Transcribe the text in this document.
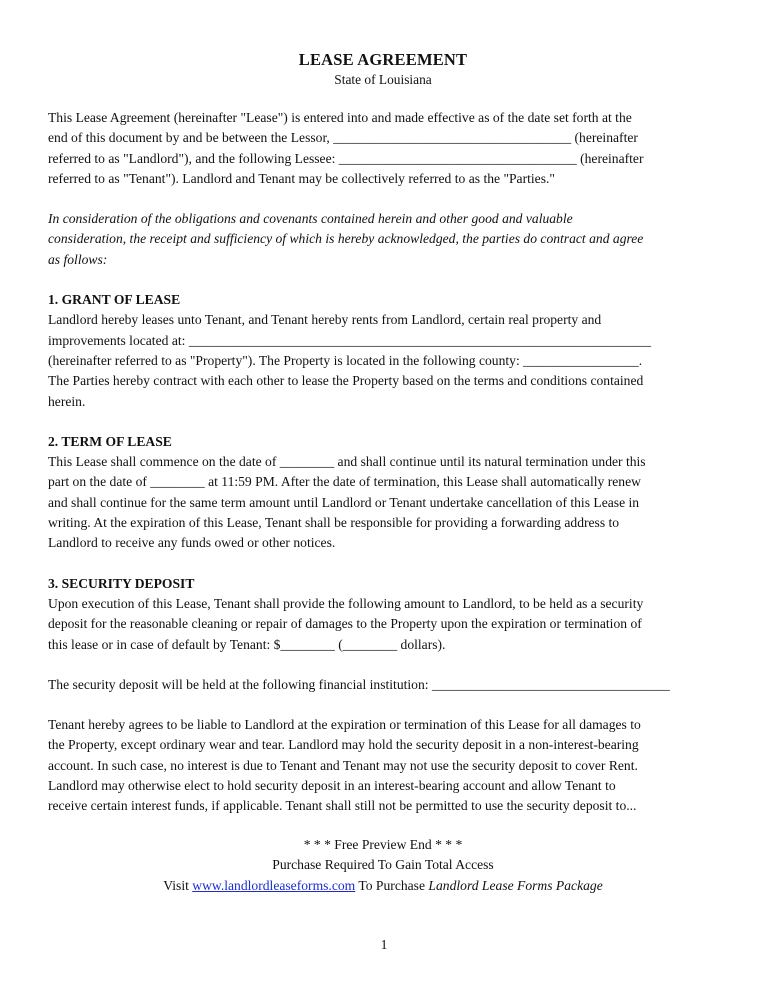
LEASE AGREEMENT
State of Louisiana

This Lease Agreement (hereinafter "Lease") is entered into and made effective as of the date set forth at the

end of this document by and be between the Lessor, ___________________________________ (hereinafter

referred to as "Landlord"), and the following Lessee: ___________________________________ (hereinafter

referred to as "Tenant"). Landlord and Tenant may be collectively referred to as the "Parties."

In consideration of the obligations and covenants contained herein and other good and valuable

consideration, the receipt and sufficiency of which is hereby acknowledged, the parties do contract and agree

as follows:

1. GRANT OF LEASE

Landlord hereby leases unto Tenant, and Tenant hereby rents from Landlord, certain real property and

improvements located at: ____________________________________________________________________

(hereinafter referred to as "Property"). The Property is located in the following county: _________________.

The Parties hereby contract with each other to lease the Property based on the terms and conditions contained

herein.

2. TERM OF LEASE

This Lease shall commence on the date of ________ and shall continue until its natural termination under this

part on the date of ________ at 11:59 PM. After the date of termination, this Lease shall automatically renew

and shall continue for the same term amount until Landlord or Tenant undertake cancellation of this Lease in

writing. At the expiration of this Lease, Tenant shall be responsible for providing a forwarding address to

Landlord to receive any funds owed or other notices.

3. SECURITY DEPOSIT

Upon execution of this Lease, Tenant shall provide the following amount to Landlord, to be held as a security

deposit for the reasonable cleaning or repair of damages to the Property upon the expiration or termination of

this lease or in case of default by Tenant: $________ (________ dollars).

The security deposit will be held at the following financial institution: ___________________________________

Tenant hereby agrees to be liable to Landlord at the expiration or termination of this Lease for all damages to

the Property, except ordinary wear and tear. Landlord may hold the security deposit in a non-interest-bearing

account. In such case, no interest is due to Tenant and Tenant may not use the security deposit to cover Rent.

Landlord may otherwise elect to hold security deposit in an interest-bearing account and allow Tenant to

receive certain interest funds, if applicable. Tenant shall still not be permitted to use the security deposit to...

* * * Free Preview End * * *

Purchase Required To Gain Total Access

Visit www.landlordleaseforms.com To Purchase Landlord Lease Forms Package

1
